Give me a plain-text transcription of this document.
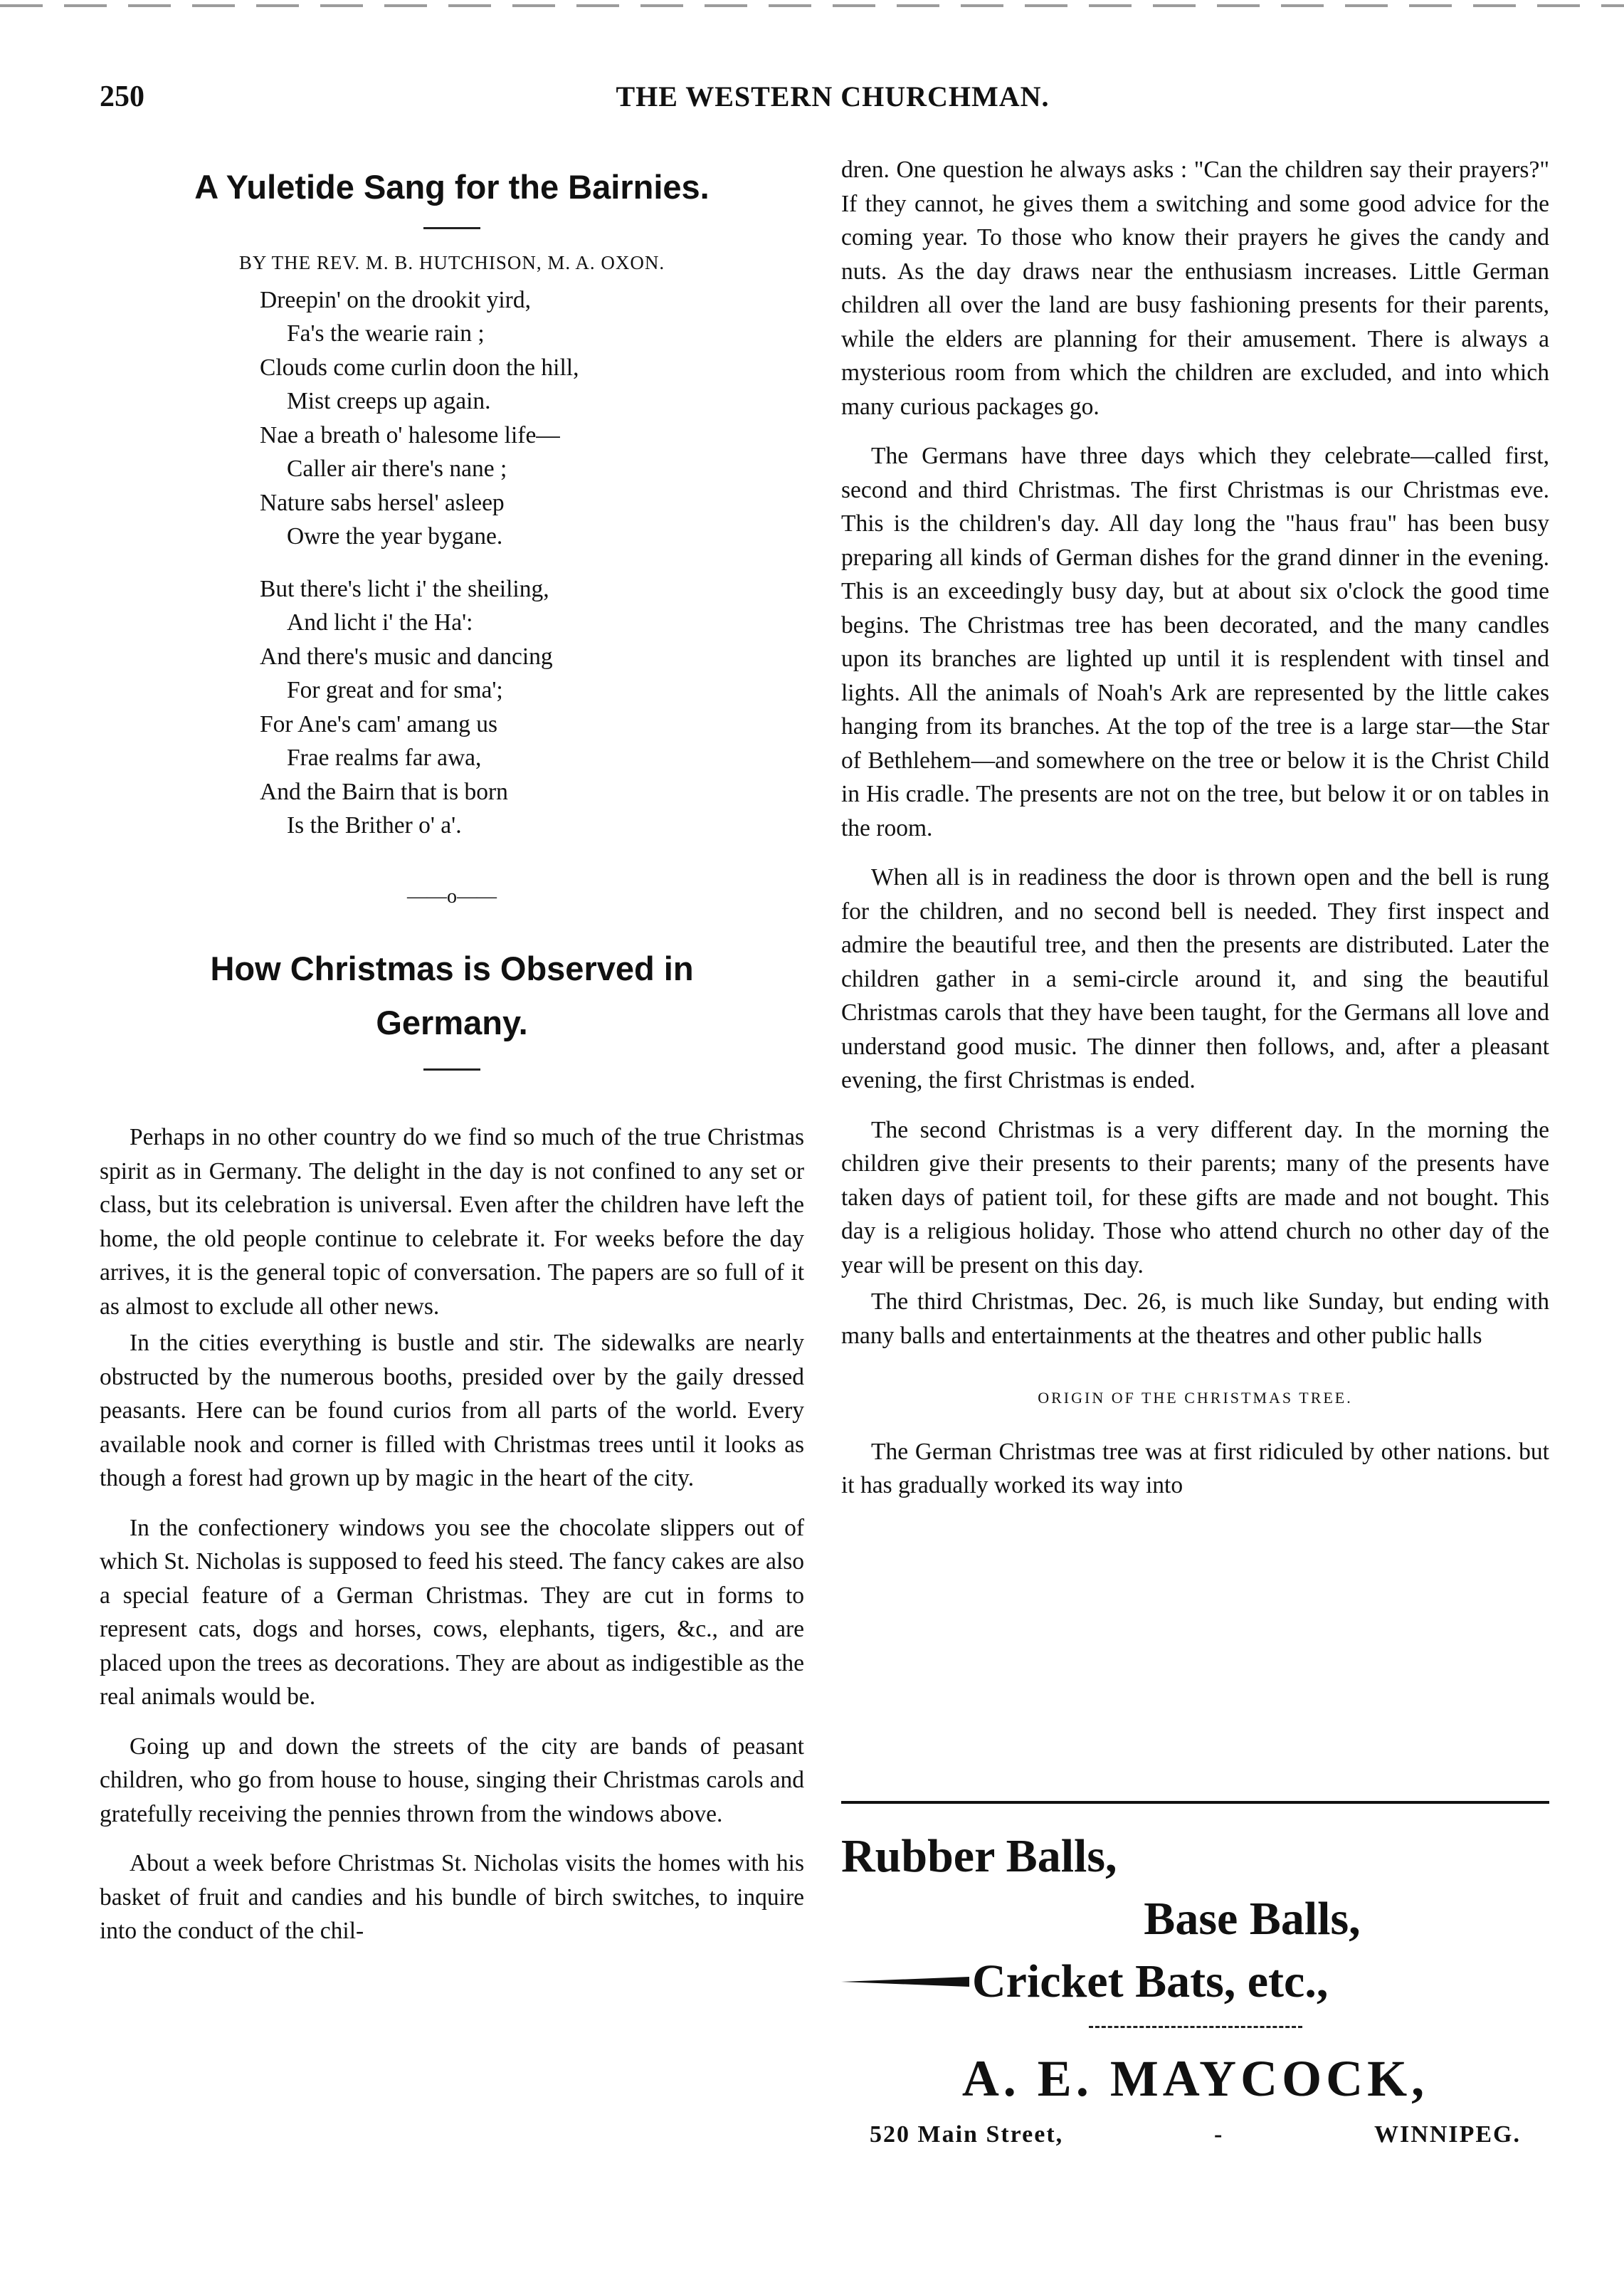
250	THE WESTERN CHURCHMAN.
A Yuletide Sang for the Bairnies.
BY THE REV. M. B. HUTCHISON, M. A. OXON.
Dreepin' on the drookit yird,
Fa's the wearie rain ;
Clouds come curlin doon the hill,
Mist creeps up again.
Nae a breath o' halesome life—
Caller air there's nane ;
Nature sabs hersel' asleep
Owre the year bygane.
But there's licht i' the sheiling,
And licht i' the Ha':
And there's music and dancing
For great and for sma';
For Ane's cam' amang us
Frae realms far awa,
And the Bairn that is born
Is the Brither o' a'.
——o——
How Christmas is Observed in
Germany.

Perhaps in no other country do we find so much of the true Christmas spirit as in Germany. The delight in the day is not confined to any set or class, but its celebration is universal. Even after the children have left the home, the old people continue to celebrate it. For weeks before the day arrives, it is the general topic of conversation. The papers are so full of it as almost to exclude all other news.

In the cities everything is bustle and stir. The sidewalks are nearly obstructed by the numerous booths, presided over by the gaily dressed peasants. Here can be found curios from all parts of the world. Every available nook and corner is filled with Christmas trees until it looks as though a forest had grown up by magic in the heart of the city.

In the confectionery windows you see the chocolate slippers out of which St. Nicholas is supposed to feed his steed. The fancy cakes are also a special feature of a German Christmas. They are cut in forms to represent cats, dogs and horses, cows, elephants, tigers, &c., and are placed upon the trees as decorations. They are about as indigestible as the real animals would be.

Going up and down the streets of the city are bands of peasant children, who go from house to house, singing their Christmas carols and gratefully receiving the pennies thrown from the windows above.

About a week before Christmas St. Nicholas visits the homes with his basket of fruit and candies and his bundle of birch switches, to inquire into the conduct of the chil-

dren. One question he always asks : "Can the children say their prayers?" If they cannot, he gives them a switching and some good advice for the coming year. To those who know their prayers he gives the candy and nuts. As the day draws near the enthusiasm increases. Little German children all over the land are busy fashioning presents for their parents, while the elders are planning for their amusement. There is always a mysterious room from which the children are excluded, and into which many curious packages go.

The Germans have three days which they celebrate—called first, second and third Christmas. The first Christmas is our Christmas eve. This is the children's day. All day long the "haus frau" has been busy preparing all kinds of German dishes for the grand dinner in the evening. This is an exceedingly busy day, but at about six o'clock the good time begins. The Christmas tree has been decorated, and the many candles upon its branches are lighted up until it is resplendent with tinsel and lights. All the animals of Noah's Ark are represented by the little cakes hanging from its branches. At the top of the tree is a large star—the Star of Bethlehem—and somewhere on the tree or below it is the Christ Child in His cradle. The presents are not on the tree, but below it or on tables in the room.

When all is in readiness the door is thrown open and the bell is rung for the children, and no second bell is needed. They first inspect and admire the beautiful tree, and then the presents are distributed. Later the children gather in a semi-circle around it, and sing the beautiful Christmas carols that they have been taught, for the Germans all love and understand good music. The dinner then follows, and, after a pleasant evening, the first Christmas is ended.

The second Christmas is a very different day. In the morning the children give their presents to their parents; many of the presents have taken days of patient toil, for these gifts are made and not bought. This day is a religious holiday. Those who attend church no other day of the year will be present on this day.

The third Christmas, Dec. 26, is much like Sunday, but ending with many balls and entertainments at the theatres and other public halls

ORIGIN OF THE CHRISTMAS TREE.

The German Christmas tree was at first ridiculed by other nations. but it has gradually worked its way into

Rubber Balls,
Base Balls,
Cricket Bats, etc.,
A. E. MAYCOCK,
520 Main Street,	-	WINNIPEG.
